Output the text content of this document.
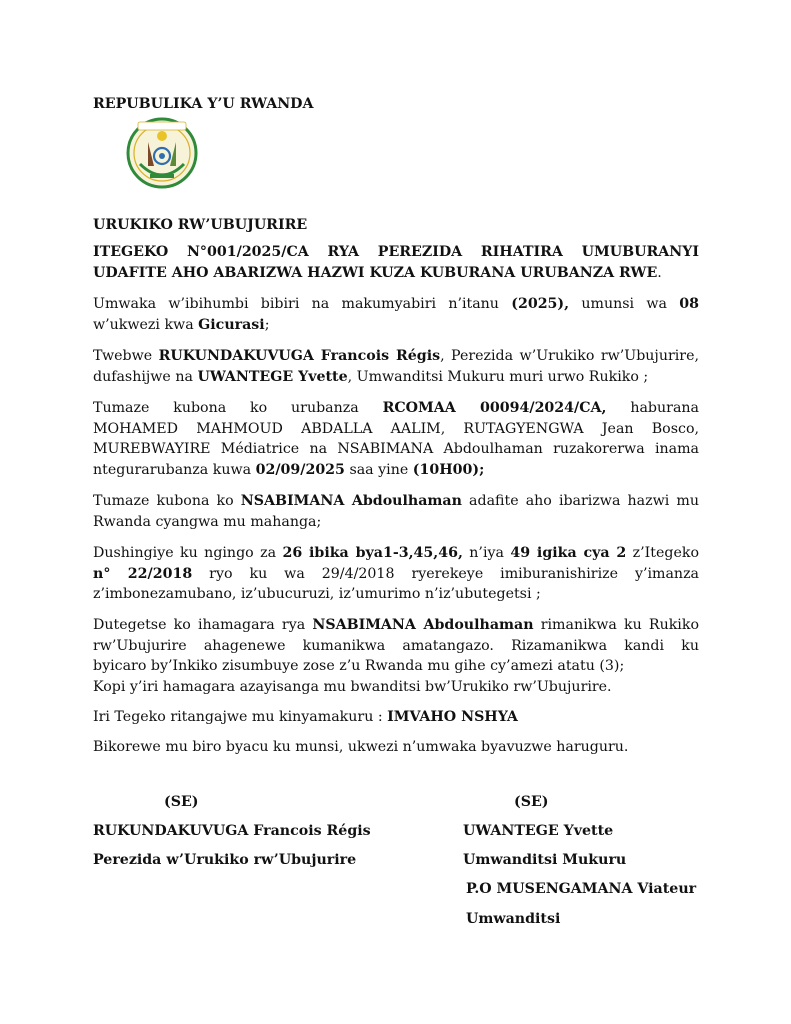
REPUBULIKA Y’U RWANDA
URUKIKO RW’UBUJURIRE
ITEGEKO N°001/2025/CA RYA PEREZIDA RIHATIRA UMUBURANYI
UDAFITE AHO ABARIZWA HAZWI KUZA KUBURANA URUBANZA RWE.
Umwaka w’ibihumbi bibiri na makumyabiri n’itanu (2025), umunsi wa 08
w’ukwezi kwa Gicurasi;
Twebwe RUKUNDAKUVUGA Francois Régis, Perezida w’Urukiko rw’Ubujurire,
dufashijwe na UWANTEGE Yvette, Umwanditsi Mukuru muri urwo Rukiko ;
Tumaze kubona ko urubanza RCOMAA 00094/2024/CA, haburana
MOHAMED MAHMOUD ABDALLA AALIM, RUTAGYENGWA Jean Bosco,
MUREBWAYIRE Médiatrice na NSABIMANA Abdoulhaman ruzakorerwa inama
ntegurarubanza kuwa 02/09/2025 saa yine (10H00);
Tumaze kubona ko NSABIMANA Abdoulhaman adafite aho ibarizwa hazwi mu
Rwanda cyangwa mu mahanga;
Dushingiye ku ngingo za 26 ibika bya1-3,45,46, n’iya 49 igika cya 2 z’Itegeko
n° 22/2018 ryo ku wa 29/4/2018 ryerekeye imiburanishirize y’imanza
z’imbonezamubano, iz’ubucuruzi, iz’umurimo n’iz’ubutegetsi ;
Dutegetse ko ihamagara rya NSABIMANA Abdoulhaman rimanikwa ku Rukiko
rw’Ubujurire ahagenewe kumanikwa amatangazo. Rizamanikwa kandi ku
byicaro by’Inkiko zisumbuye zose z’u Rwanda mu gihe cy’amezi atatu (3);
Kopi y’iri hamagara azayisanga mu bwanditsi bw’Urukiko rw’Ubujurire.
Iri Tegeko ritangajwe mu kinyamakuru : IMVAHO NSHYA
Bikorewe mu biro byacu ku munsi, ukwezi n’umwaka byavuzwe haruguru.
(SE)	(SE)
RUKUNDAKUVUGA Francois Régis	UWANTEGE Yvette
Perezida w’Urukiko rw’Ubujurire	Umwanditsi Mukuru
P.O MUSENGAMANA Viateur
Umwanditsi
